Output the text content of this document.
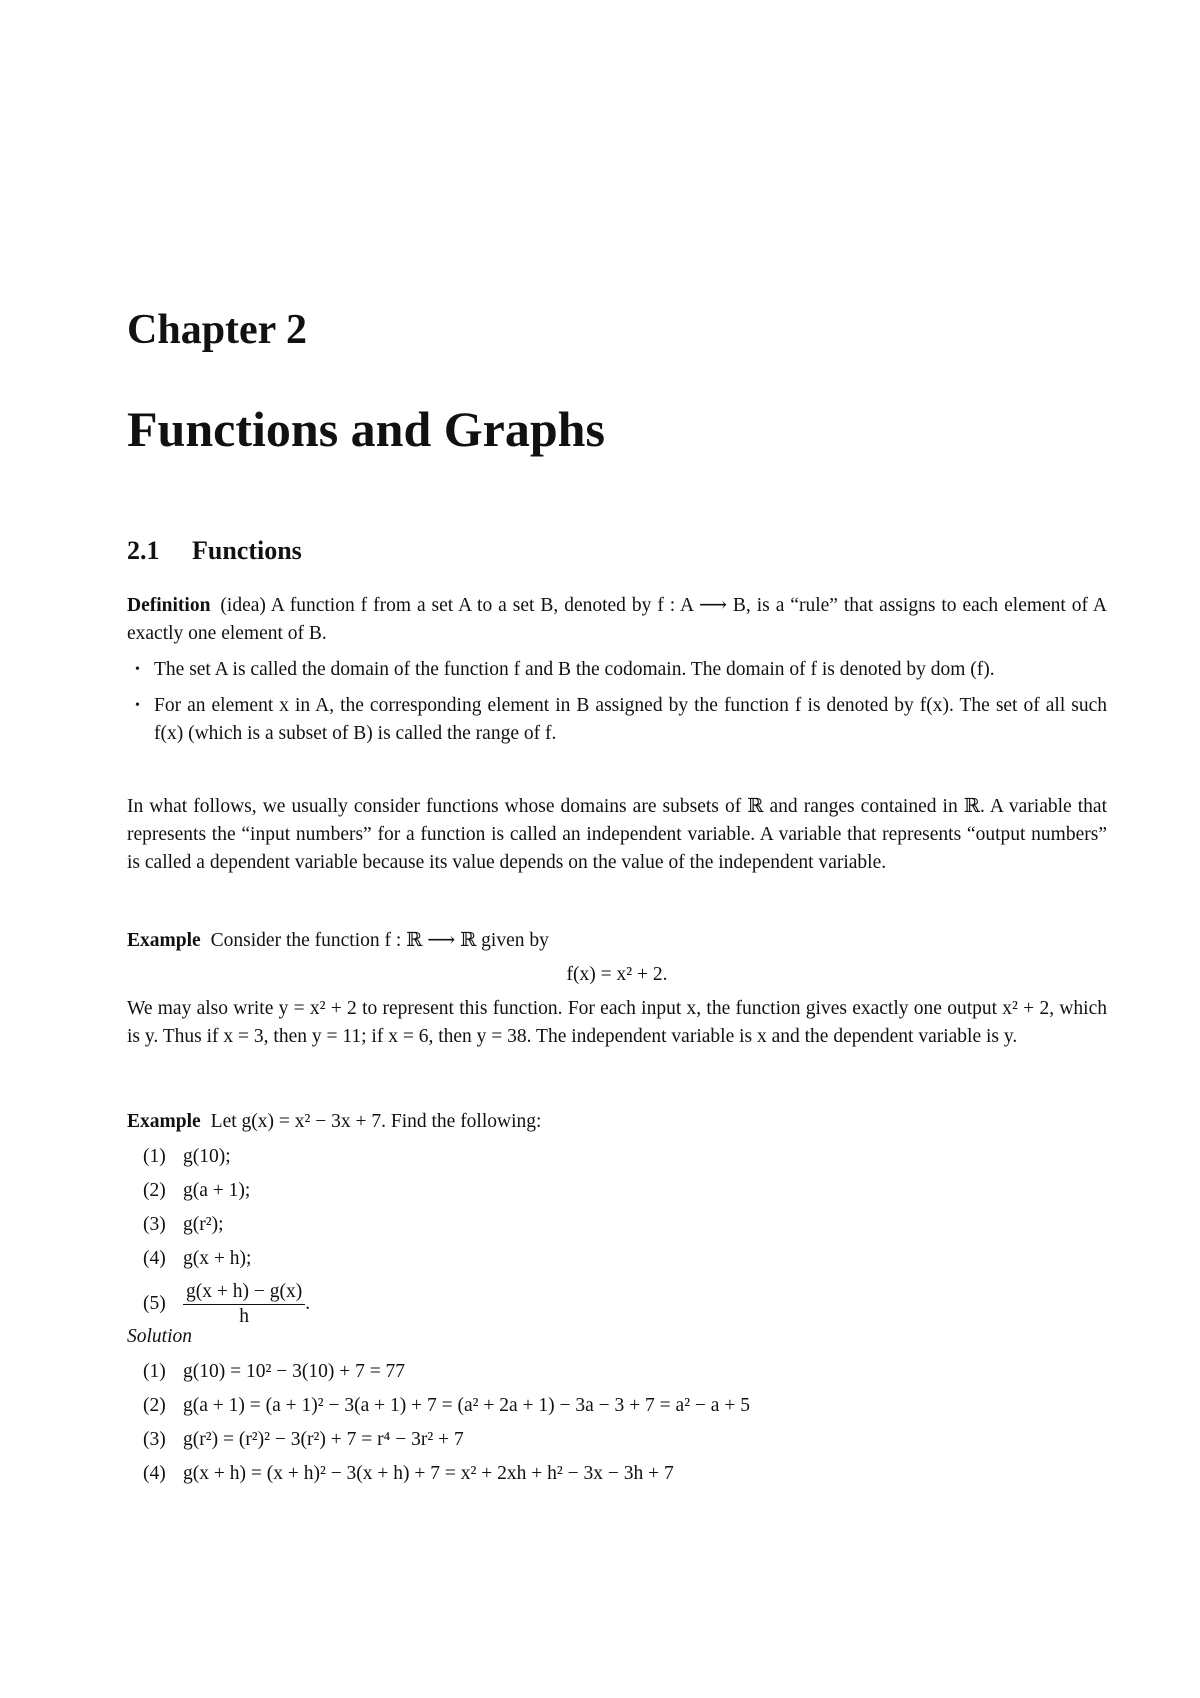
Chapter 2
Functions and Graphs
2.1 Functions

Definition (idea) A function f from a set A to a set B, denoted by f : A ⟶ B, is a “rule” that assigns to each element of A exactly one element of B.

• The set A is called the domain of the function f and B the codomain. The domain of f is denoted by dom (f).
• For an element x in A, the corresponding element in B assigned by the function f is denoted by f(x). The set of all such f(x) (which is a subset of B) is called the range of f.
In what follows, we usually consider functions whose domains are subsets of ℝ and ranges contained in ℝ. A variable that represents the “input numbers” for a function is called an independent variable. A variable that represents “output numbers” is called a dependent variable because its value depends on the value of the independent variable.
Example Consider the function f : ℝ ⟶ ℝ given by
f(x) = x² + 2.
We may also write y = x² + 2 to represent this function. For each input x, the function gives exactly one output x² + 2, which is y. Thus if x = 3, then y = 11; if x = 6, then y = 38. The independent variable is x and the dependent variable is y.
Example Let g(x) = x² − 3x + 7. Find the following:
(1) g(10);
(2) g(a + 1);
(3) g(r²);
(4) g(x + h);
$(5) \frac{g(x + h) - g(x)}{h}$ .
Solution
(1) g(10) = 10² − 3(10) + 7 = 77
(2) g(a + 1) = (a + 1)² − 3(a + 1) + 7 = (a² + 2a + 1) − 3a − 3 + 7 = a² − a + 5
(3) g(r²) = (r²)² − 3(r²) + 7 = r⁴ − 3r² + 7
(4) g(x + h) = (x + h)² − 3(x + h) + 7 = x² + 2xh + h² − 3x − 3h + 7
